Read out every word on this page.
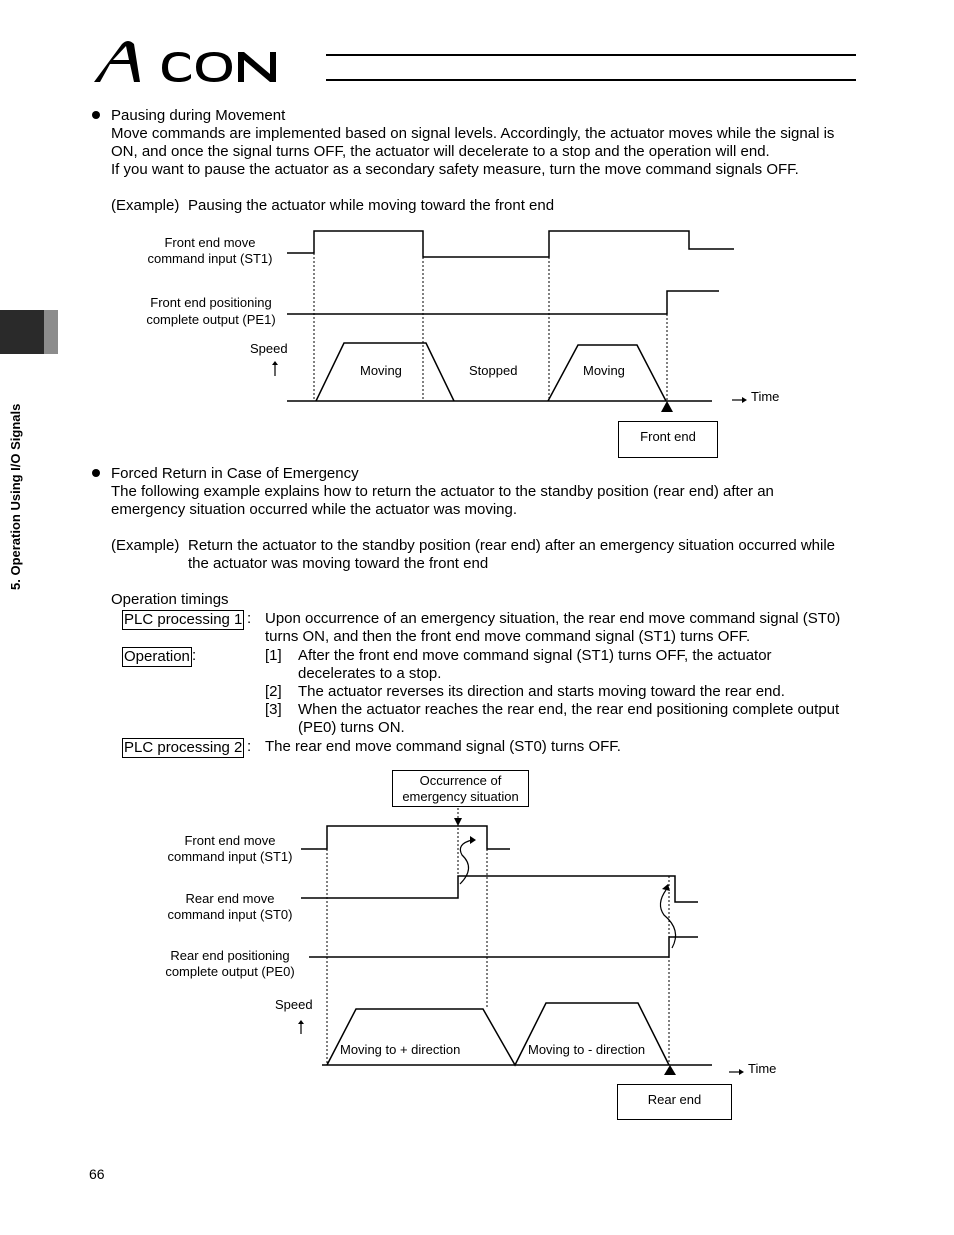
5. Operation Using I/O Signals
Pausing during Movement
Move commands are implemented based on signal levels. Accordingly, the actuator moves while the signal is
ON, and once the signal turns OFF, the actuator will decelerate to a stop and the operation will end.
If you want to pause the actuator as a secondary safety measure, turn the move command signals OFF.
(Example) Pausing the actuator while moving toward the front end
Front end move
command input (ST1)
Front end positioning
complete output (PE1)
Speed
Moving	Stopped	Moving
Time
Front end
Forced Return in Case of Emergency
The following example explains how to return the actuator to the standby position (rear end) after an
emergency situation occurred while the actuator was moving.
(Example) Return the actuator to the standby position (rear end) after an emergency situation occurred while
the actuator was moving toward the front end
Operation timings
PLC processing 1 : Upon occurrence of an emergency situation, the rear end move command signal (ST0)
turns ON, and then the front end move command signal (ST1) turns OFF.
Operation :	[1] After the front end move command signal (ST1) turns OFF, the actuator
decelerates to a stop.
[2] The actuator reverses its direction and starts moving toward the rear end.
[3] When the actuator reaches the rear end, the rear end positioning complete output
(PE0) turns ON.
PLC processing 2 : The rear end move command signal (ST0) turns OFF.
Occurrence of
emergency situation
Front end move
command input (ST1)
Rear end move
command input (ST0)
Rear end positioning
complete output (PE0)
Speed
Moving to + direction	Moving to - direction
Time
Rear end
66
